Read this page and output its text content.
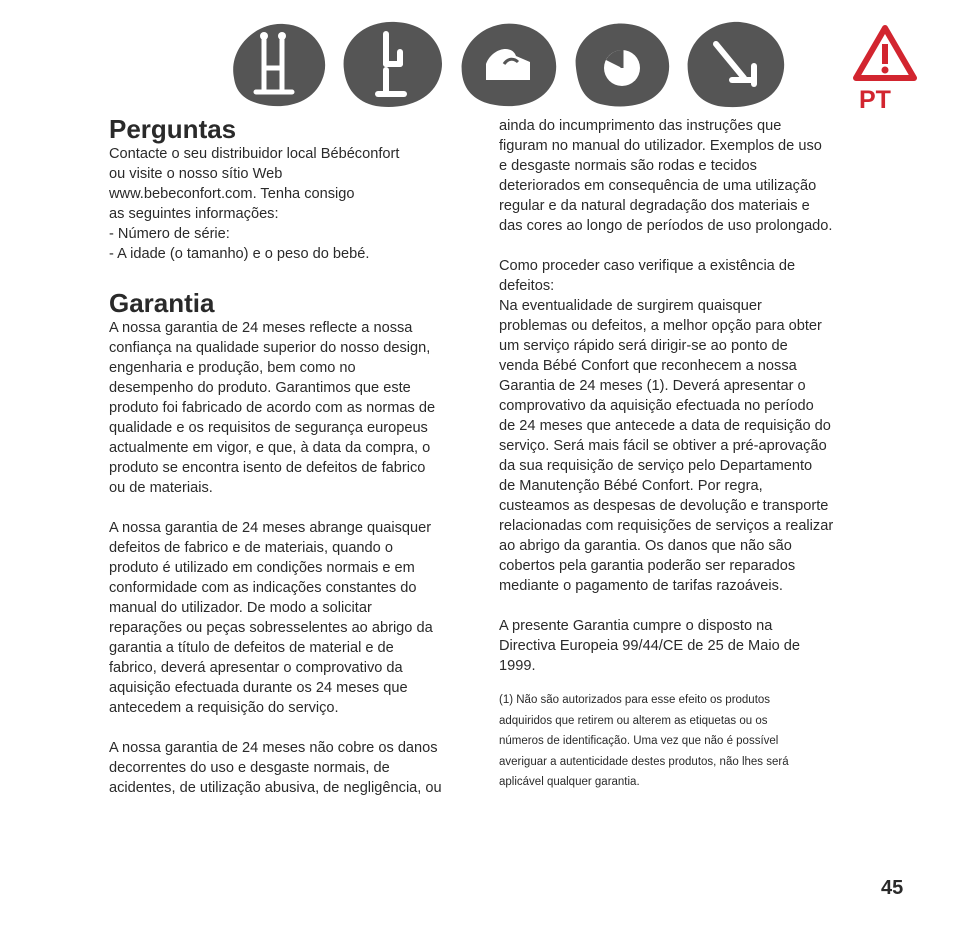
PT
Perguntas

Contacte o seu distribuidor local Bébéconfort
ou visite o nosso sítio Web
www.bebeconfort.com. Tenha consigo
as seguintes informações:
- Número de série:
- A idade (o tamanho) e o peso do bebé.

Garantia

A nossa garantia de 24 meses reflecte a nossa
confiança na qualidade superior do nosso design,
engenharia e produção, bem como no
desempenho do produto. Garantimos que este
produto foi fabricado de acordo com as normas de
qualidade e os requisitos de segurança europeus
actualmente em vigor, e que, à data da compra, o
produto se encontra isento de defeitos de fabrico
ou de materiais.

A nossa garantia de 24 meses abrange quaisquer
defeitos de fabrico e de materiais, quando o
produto é utilizado em condições normais e em
conformidade com as indicações constantes do
manual do utilizador. De modo a solicitar
reparações ou peças sobresselentes ao abrigo da
garantia a título de defeitos de material e de
fabrico, deverá apresentar o comprovativo da
aquisição efectuada durante os 24 meses que
antecedem a requisição do serviço.

A nossa garantia de 24 meses não cobre os danos
decorrentes do uso e desgaste normais, de
acidentes, de utilização abusiva, de negligência, ou

ainda do incumprimento das instruções que
figuram no manual do utilizador. Exemplos de uso
e desgaste normais são rodas e tecidos
deteriorados em consequência de uma utilização
regular e da natural degradação dos materiais e
das cores ao longo de períodos de uso prolongado.

Como proceder caso verifique a existência de
defeitos:
Na eventualidade de surgirem quaisquer
problemas ou defeitos, a melhor opção para obter
um serviço rápido será dirigir-se ao ponto de
venda Bébé Confort que reconhecem a nossa
Garantia de 24 meses (1). Deverá apresentar o
comprovativo da aquisição efectuada no período
de 24 meses que antecede a data de requisição do
serviço. Será mais fácil se obtiver a pré-aprovação
da sua requisição de serviço pelo Departamento
de Manutenção Bébé Confort. Por regra,
custeamos as despesas de devolução e transporte
relacionadas com requisições de serviços a realizar
ao abrigo da garantia. Os danos que não são
cobertos pela garantia poderão ser reparados
mediante o pagamento de tarifas razoáveis.

A presente Garantia cumpre o disposto na
Directiva Europeia 99/44/CE de 25 de Maio de
1999.

(1) Não são autorizados para esse efeito os produtos
adquiridos que retirem ou alterem as etiquetas ou os
números de identificação. Uma vez que não é possível
averiguar a autenticidade destes produtos, não lhes será
aplicável qualquer garantia.

45
